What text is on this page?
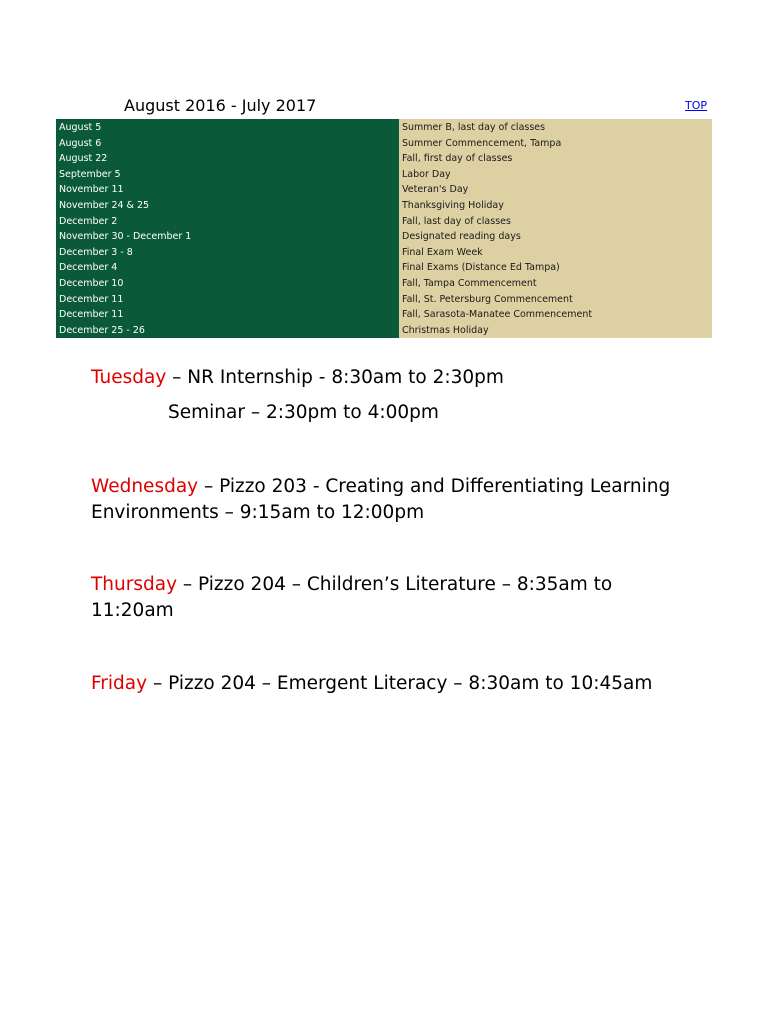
August 2016 - July 2017	TOP
August 5
August 6
August 22
September 5
November 11
November 24 & 25
December 2
November 30 - December 1
December 3 - 8
December 4
December 10
December 11
December 11
December 25 - 26
Summer B, last day of classes
Summer Commencement, Tampa
Fall, first day of classes
Labor Day
Veteran's Day
Thanksgiving Holiday
Fall, last day of classes
Designated reading days
Final Exam Week
Final Exams (Distance Ed Tampa)
Fall, Tampa Commencement
Fall, St. Petersburg Commencement
Fall, Sarasota-Manatee Commencement
Christmas Holiday
Tuesday – NR Internship - 8:30am to 2:30pm
Seminar – 2:30pm to 4:00pm
Wednesday – Pizzo 203 - Creating and Differentiating Learning Environments – 9:15am to 12:00pm
Thursday – Pizzo 204 – Children’s Literature – 8:35am to 11:20am
Friday – Pizzo 204 – Emergent Literacy – 8:30am to 10:45am
